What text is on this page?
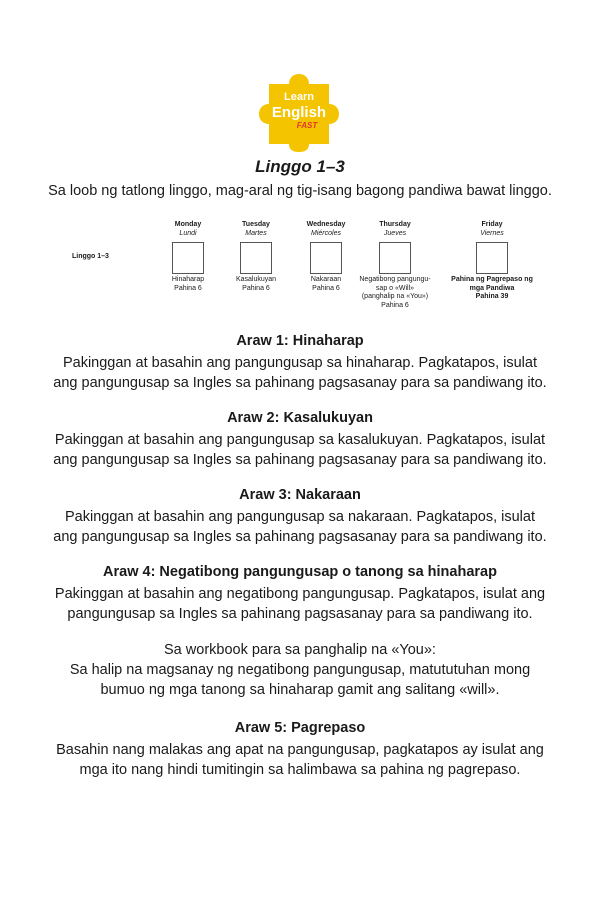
Learn
English
FAST
Linggo 1–3

Sa loob ng tatlong linggo, mag-aral ng tig-isang bagong pandiwa bawat linggo.

Linggo 1–3
Monday
Lundi
Hinaharap
Pahina 6
Tuesday
Martes
Kasalukuyan
Pahina 6
Wednesday
Miércoles
Nakaraan
Pahina 6
Thursday
Jueves
Negatibong pangungu-
sap o «Will»
(panghalip na «You»)
Pahina 6
Friday
Viernes
Pahina ng Pagrepaso ng
mga Pandiwa
Pahina 39
Araw 1: Hinaharap

Pakinggan at basahin ang pangungusap sa hinaharap. Pagkatapos, isulat

ang pangungusap sa Ingles sa pahinang pagsasanay para sa pandiwang ito.

Araw 2: Kasalukuyan

Pakinggan at basahin ang pangungusap sa kasalukuyan. Pagkatapos, isulat

ang pangungusap sa Ingles sa pahinang pagsasanay para sa pandiwang ito.

Araw 3: Nakaraan

Pakinggan at basahin ang pangungusap sa nakaraan. Pagkatapos, isulat

ang pangungusap sa Ingles sa pahinang pagsasanay para sa pandiwang ito.

Araw 4: Negatibong pangungusap o tanong sa hinaharap

Pakinggan at basahin ang negatibong pangungusap. Pagkatapos, isulat ang

pangungusap sa Ingles sa pahinang pagsasanay para sa pandiwang ito.

Sa workbook para sa panghalip na «You»:

Sa halip na magsanay ng negatibong pangungusap, matututuhan mong

bumuo ng mga tanong sa hinaharap gamit ang salitang «will».

Araw 5: Pagrepaso

Basahin nang malakas ang apat na pangungusap, pagkatapos ay isulat ang

mga ito nang hindi tumitingin sa halimbawa sa pahina ng pagrepaso.
